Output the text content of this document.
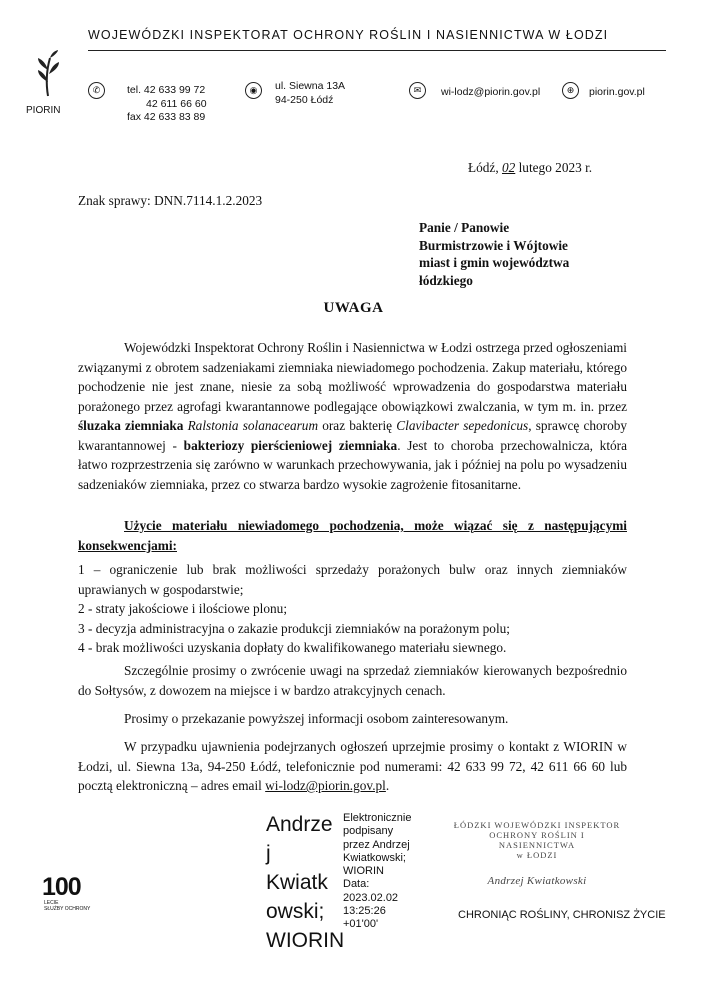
PIORIN
WOJEWÓDZKI INSPEKTORAT OCHRONY ROŚLIN I NASIENNICTWA W ŁODZI
✆	tel. 42 633 99 72
42 611 66 60
fax 42 633 83 89
◉	ul. Siewna 13A
94-250 Łódź
✉	wi-lodz@piorin.gov.pl	⊕	piorin.gov.pl
Łódź, 02 lutego 2023 r.
Znak sprawy: DNN.7114.1.2.2023
Panie / Panowie
Burmistrzowie i Wójtowie
miast i gmin województwa
łódzkiego
UWAGA
Wojewódzki Inspektorat Ochrony Roślin i Nasiennictwa w Łodzi ostrzega przed ogłoszeniami związanymi z obrotem sadzeniakami ziemniaka niewiadomego pochodzenia. Zakup materiału, którego pochodzenie nie jest znane, niesie za sobą możliwość wprowadzenia do gospodarstwa materiału porażonego przez agrofagi kwarantannowe podlegające obowiązkowi zwalczania, w tym m. in. przez śluzaka ziemniaka Ralstonia solanacearum oraz bakterię Clavibacter sepedonicus, sprawcę choroby kwarantannowej - bakteriozy pierścieniowej ziemniaka. Jest to choroba przechowalnicza, która łatwo rozprzestrzenia się zarówno w warunkach przechowywania, jak i później na polu po wysadzeniu sadzeniaków ziemniaka, przez co stwarza bardzo wysokie zagrożenie fitosanitarne.
Użycie materiału niewiadomego pochodzenia, może wiązać się z następującymi konsekwencjami:
1 – ograniczenie lub brak możliwości sprzedaży porażonych bulw oraz innych ziemniaków uprawianych w gospodarstwie;
2 - straty jakościowe i ilościowe plonu;
3 - decyzja administracyjna o zakazie produkcji ziemniaków na porażonym polu;
4 - brak możliwości uzyskania dopłaty do kwalifikowanego materiału siewnego.
Szczególnie prosimy o zwrócenie uwagi na sprzedaż ziemniaków kierowanych bezpośrednio do Sołtysów, z dowozem na miejsce i w bardzo atrakcyjnych cenach.
Prosimy o przekazanie powyższej informacji osobom zainteresowanym.
W przypadku ujawnienia podejrzanych ogłoszeń uprzejmie prosimy o kontakt z WIORIN w Łodzi, ul. Siewna 13a, 94-250 Łódź, telefonicznie pod numerami: 42 633 99 72, 42 611 66 60 lub pocztą elektroniczną – adres email wi-lodz@piorin.gov.pl.
Andrze
j
Kwiatk
owski;
WIORIN
Elektronicznie
podpisany
przez Andrzej
Kwiatkowski;
WIORIN
Data:
2023.02.02
13:25:26
+01'00'
ŁÓDZKI WOJEWÓDZKI INSPEKTOR
OCHRONY ROŚLIN I NASIENNICTWA
w ŁODZI
Andrzej Kwiatkowski
100
LECIE
SŁUŻBY OCHRONY	CHRONIĄC ROŚLINY, CHRONISZ ŻYCIE
